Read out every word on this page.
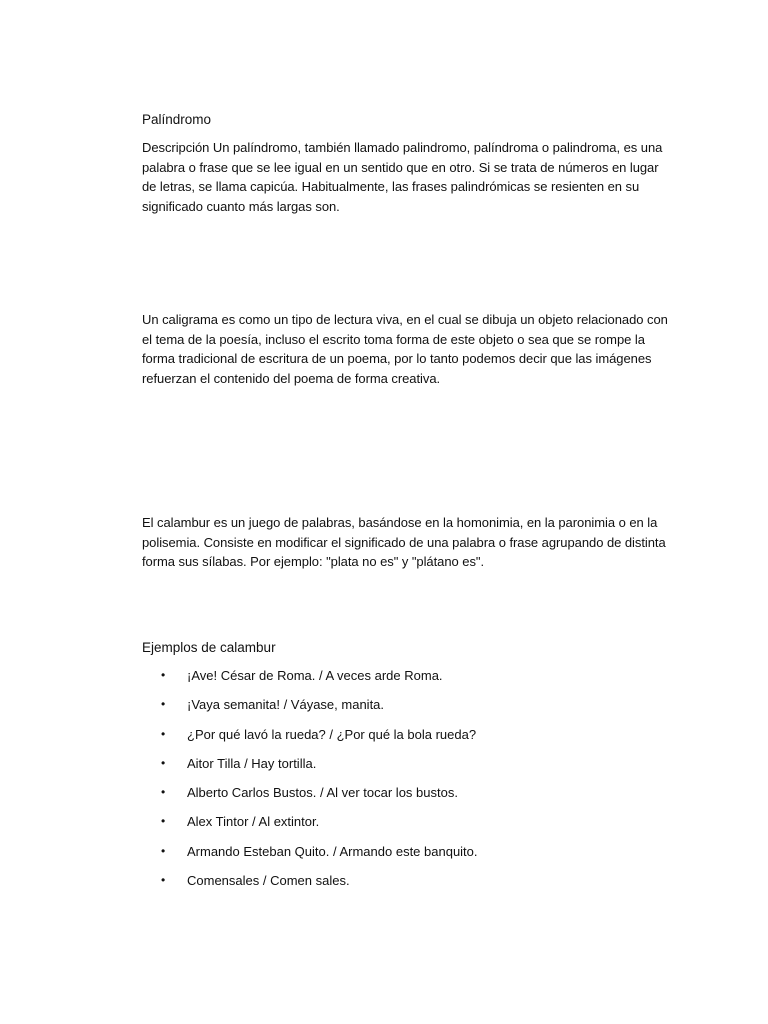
Palíndromo

Descripción Un palíndromo, también llamado palindromo, palíndroma o palindroma, es una palabra o frase que se lee igual en un sentido que en otro. Si se trata de números en lugar de letras, se llama capicúa. Habitualmente, las frases palindrómicas se resienten en su significado cuanto más largas son.

Un caligrama es como un tipo de lectura viva, en el cual se dibuja un objeto relacionado con el tema de la poesía, incluso el escrito toma forma de este objeto o sea que se rompe la forma tradicional de escritura de un poema, por lo tanto podemos decir que las imágenes refuerzan el contenido del poema de forma creativa.

El calambur es un juego de palabras, basándose en la homonimia, en la paronimia o en la polisemia. Consiste en modificar el significado de una palabra o frase agrupando de distinta forma sus sílabas. Por ejemplo: "plata no es" y "plátano es".

Ejemplos de calambur
• ¡Ave! César de Roma. / A veces arde Roma.
• ¡Vaya semanita! / Váyase, manita.
• ¿Por qué lavó la rueda? / ¿Por qué la bola rueda?
• Aitor Tilla / Hay tortilla.
• Alberto Carlos Bustos. / Al ver tocar los bustos.
• Alex Tintor / Al extintor.
• Armando Esteban Quito. / Armando este banquito.
• Comensales / Comen sales.
